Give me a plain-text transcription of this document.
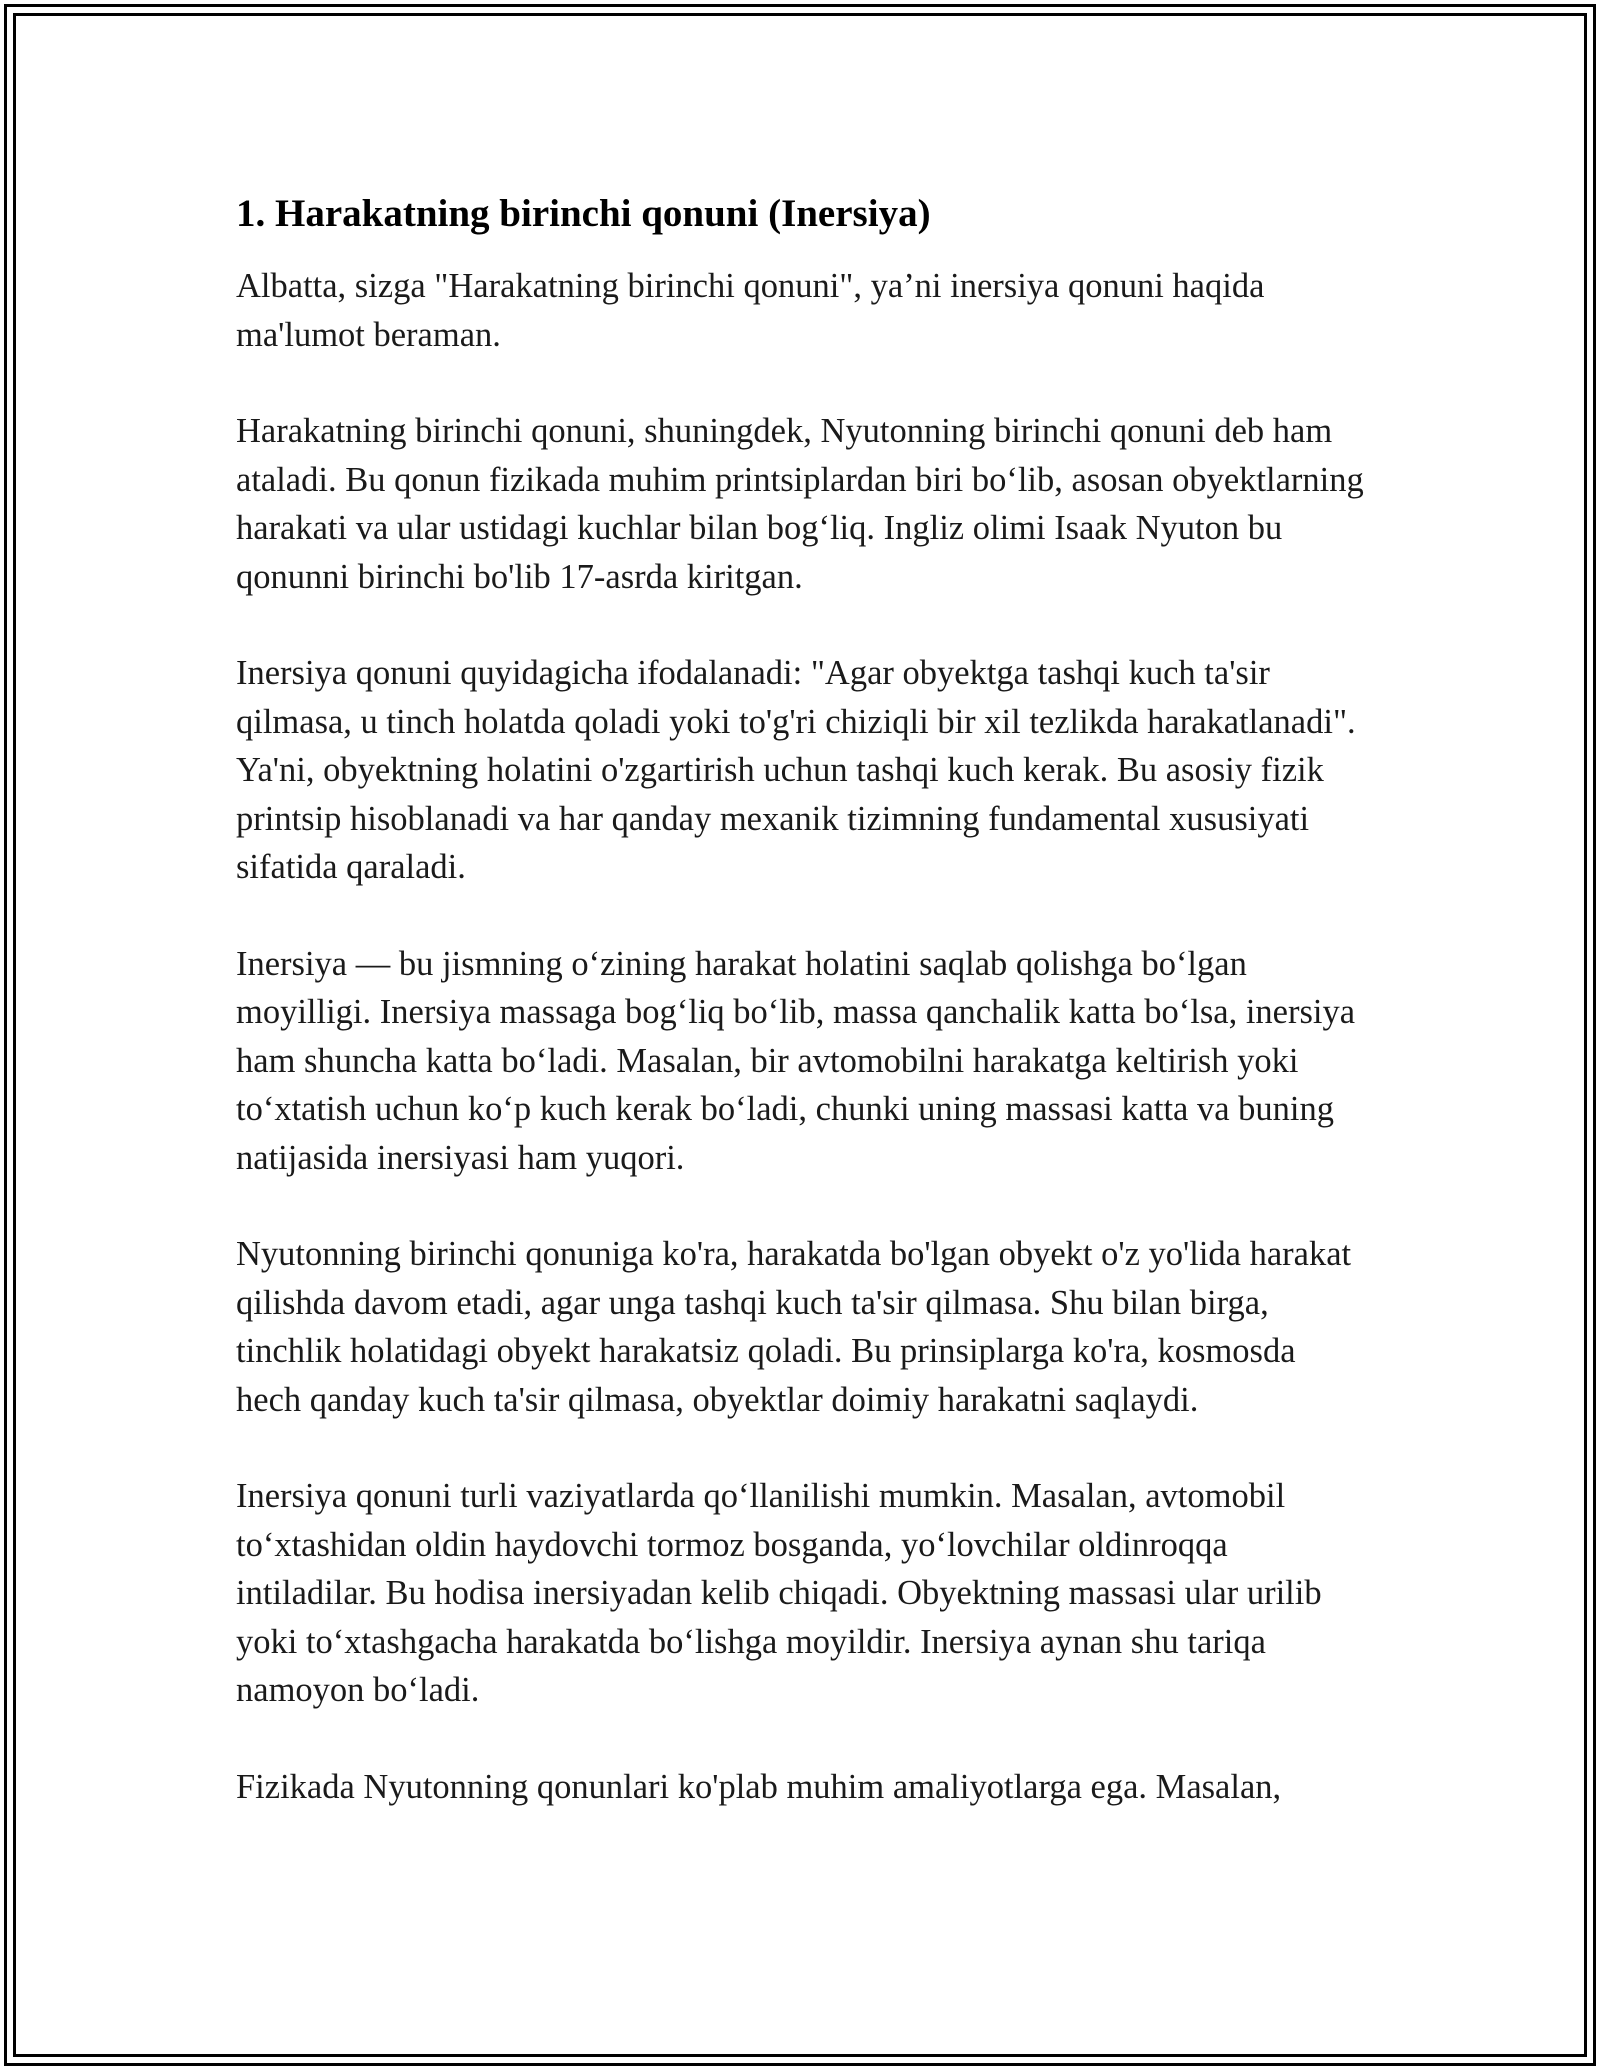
1. Harakatning birinchi qonuni (Inersiya)

Albatta, sizga "Harakatning birinchi qonuni", ya’ni inersiya qonuni haqida ma'lumot beraman.

Harakatning birinchi qonuni, shuningdek, Nyutonning birinchi qonuni deb ham ataladi. Bu qonun fizikada muhim printsiplardan biri bo‘lib, asosan obyektlarning harakati va ular ustidagi kuchlar bilan bog‘liq. Ingliz olimi Isaak Nyuton bu qonunni birinchi bo'lib 17-asrda kiritgan.

Inersiya qonuni quyidagicha ifodalanadi: "Agar obyektga tashqi kuch ta'sir qilmasa, u tinch holatda qoladi yoki to'g'ri chiziqli bir xil tezlikda harakatlanadi". Ya'ni, obyektning holatini o'zgartirish uchun tashqi kuch kerak. Bu asosiy fizik printsip hisoblanadi va har qanday mexanik tizimning fundamental xususiyati sifatida qaraladi.

Inersiya — bu jismning o‘zining harakat holatini saqlab qolishga bo‘lgan moyilligi. Inersiya massaga bog‘liq bo‘lib, massa qanchalik katta bo‘lsa, inersiya ham shuncha katta bo‘ladi. Masalan, bir avtomobilni harakatga keltirish yoki to‘xtatish uchun ko‘p kuch kerak bo‘ladi, chunki uning massasi katta va buning natijasida inersiyasi ham yuqori.

Nyutonning birinchi qonuniga ko'ra, harakatda bo'lgan obyekt o'z yo'lida harakat qilishda davom etadi, agar unga tashqi kuch ta'sir qilmasa. Shu bilan birga, tinchlik holatidagi obyekt harakatsiz qoladi. Bu prinsiplarga ko'ra, kosmosda hech qanday kuch ta'sir qilmasa, obyektlar doimiy harakatni saqlaydi.

Inersiya qonuni turli vaziyatlarda qo‘llanilishi mumkin. Masalan, avtomobil to‘xtashidan oldin haydovchi tormoz bosganda, yo‘lovchilar oldinroqqa intiladilar. Bu hodisa inersiyadan kelib chiqadi. Obyektning massasi ular urilib yoki to‘xtashgacha harakatda bo‘lishga moyildir. Inersiya aynan shu tariqa namoyon bo‘ladi.

Fizikada Nyutonning qonunlari ko'plab muhim amaliyotlarga ega. Masalan,
